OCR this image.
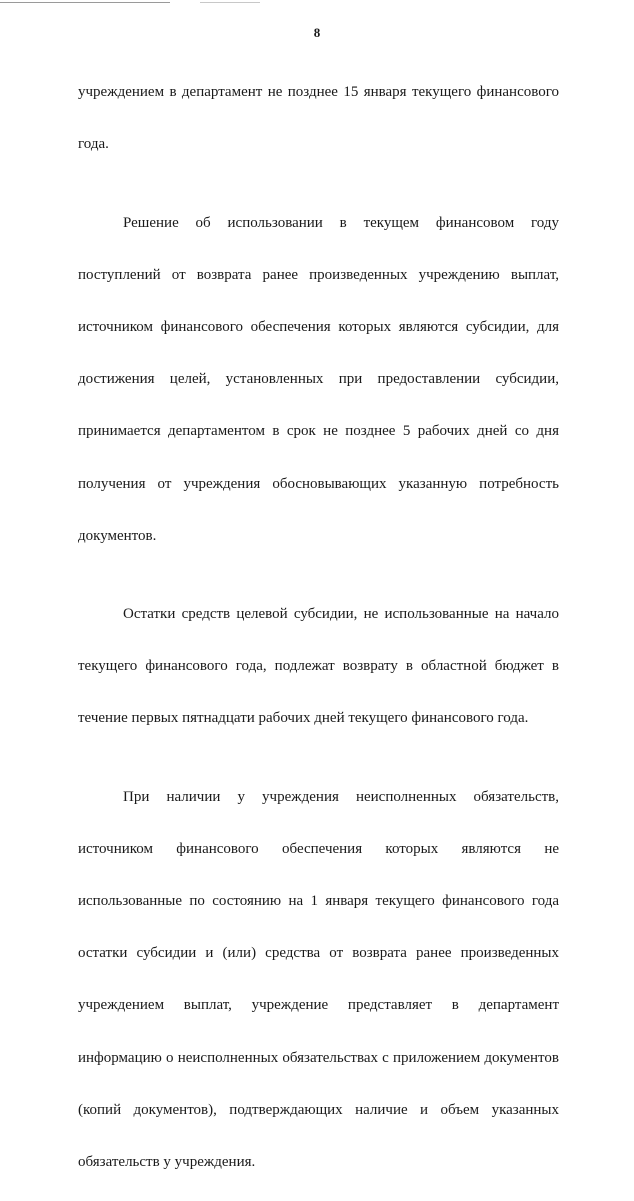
8

учреждением в департамент не позднее 15 января текущего финансового

года.

Решение об использовании в текущем финансовом году

поступлений от возврата ранее произведенных учреждению выплат,

источником финансового обеспечения которых являются субсидии, для

достижения целей, установленных при предоставлении субсидии,

принимается департаментом в срок не позднее 5 рабочих дней со дня

получения от учреждения обосновывающих указанную потребность

документов.

Остатки средств целевой субсидии, не использованные на начало

текущего финансового года, подлежат возврату в областной бюджет в

течение первых пятнадцати рабочих дней текущего финансового года.

При наличии у учреждения неисполненных обязательств,

источником финансового обеспечения которых являются не

использованные по состоянию на 1 января текущего финансового года

остатки субсидии и (или) средства от возврата ранее произведенных

учреждением выплат, учреждение представляет в департамент

информацию о неисполненных обязательствах с приложением документов

(копий документов), подтверждающих наличие и объем указанных

обязательств у учреждения.
